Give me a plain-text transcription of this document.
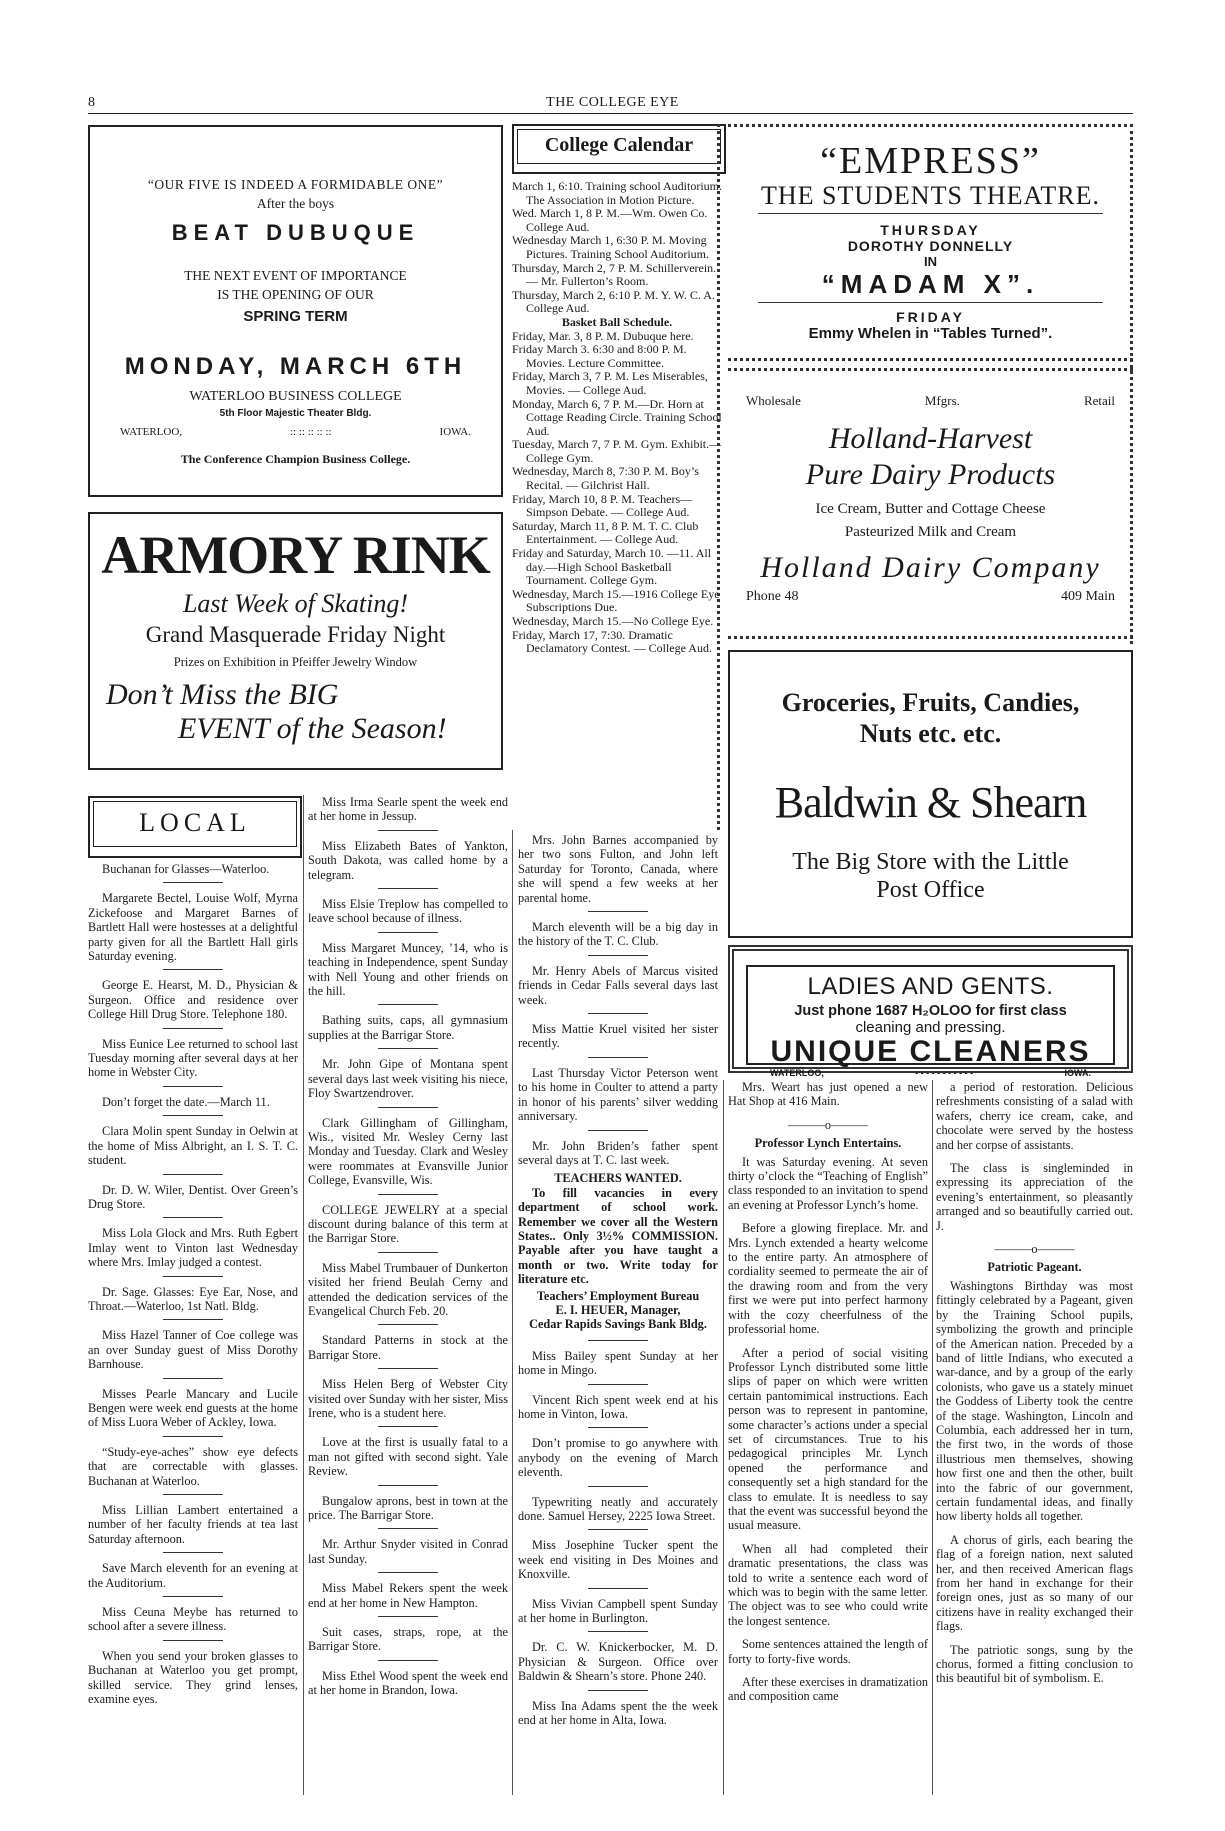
8	THE COLLEGE EYE
“OUR FIVE IS INDEED A FORMIDABLE ONE”
After the boys
BEAT DUBUQUE
THE NEXT EVENT OF IMPORTANCE
IS THE OPENING OF OUR
SPRING TERM
MONDAY, MARCH 6TH
WATERLOO BUSINESS COLLEGE
5th Floor Majestic Theater Bldg.
WATERLOO,	:: :: :: :: ::	IOWA.
The Conference Champion Business College.
ARMORY RINK
Last Week of Skating!
Grand Masquerade Friday Night
Prizes on Exhibition in Pfeiffer Jewelry Window
Don’t Miss the BIG
EVENT of the Season!
College Calendar

March 1, 6:10. Training school Auditorium. The Association in Motion Picture.

Wed. March 1, 8 P. M.—Wm. Owen Co. College Aud.

Wednesday March 1, 6:30 P. M. Moving Pictures. Training School Auditorium.

Thursday, March 2, 7 P. M. Schillerverein. — Mr. Fullerton’s Room.

Thursday, March 2, 6:10 P. M. Y. W. C. A. College Aud.

Basket Ball Schedule.

Friday, Mar. 3, 8 P. M. Dubuque here.

Friday March 3. 6:30 and 8:00 P. M. Movies. Lecture Committee.

Friday, March 3, 7 P. M. Les Miserables, Movies. — College Aud.

Monday, March 6, 7 P. M.—Dr. Horn at Cottage Reading Circle. Training School Aud.

Tuesday, March 7, 7 P. M. Gym. Exhibit.—College Gym.

Wednesday, March 8, 7:30 P. M. Boy’s Recital. — Gilchrist Hall.

Friday, March 10, 8 P. M. Teachers—Simpson Debate. — College Aud.

Saturday, March 11, 8 P. M. T. C. Club Entertainment. — College Aud.

Friday and Saturday, March 10. —11. All day.—High School Basketball Tournament. College Gym.

Wednesday, March 15.—1916 College Eye Subscriptions Due.

Wednesday, March 15.—No College Eye.

Friday, March 17, 7:30. Dramatic Declamatory Contest. — College Aud.

“EMPRESS”
THE STUDENTS THEATRE.
THURSDAY
DOROTHY DONNELLY
IN
“MADAM X”.
FRIDAY
Emmy Whelen in “Tables Turned”.
Wholesale	Mfgrs.	Retail
Holland-Harvest
Pure Dairy Products
Ice Cream, Butter and Cottage Cheese
Pasteurized Milk and Cream
Holland Dairy Company
Phone 48	409 Main
Groceries, Fruits, Candies,
Nuts etc. etc.
Baldwin & Shearn
The Big Store with the Little
Post Office
LADIES AND GENTS.
Just phone 1687 H₂OLOO for first class
cleaning and pressing.
UNIQUE CLEANERS
WATERLOO,	- - - - - - - - - - -	IOWA.
LOCAL

Buchanan for Glasses—Waterloo.

Margarete Bectel, Louise Wolf, Myrna Zickefoose and Margaret Barnes of Bartlett Hall were hostesses at a delightful party given for all the Bartlett Hall girls Saturday evening.

George E. Hearst, M. D., Physician & Surgeon. Office and residence over College Hill Drug Store. Telephone 180.

Miss Eunice Lee returned to school last Tuesday morning after several days at her home in Webster City.

Don’t forget the date.—March 11.

Clara Molin spent Sunday in Oelwin at the home of Miss Albright, an I. S. T. C. student.

Dr. D. W. Wiler, Dentist. Over Green’s Drug Store.

Miss Lola Glock and Mrs. Ruth Egbert Imlay went to Vinton last Wednesday where Mrs. Imlay judged a contest.

Dr. Sage. Glasses: Eye Ear, Nose, and Throat.—Waterloo, 1st Natl. Bldg.

Miss Hazel Tanner of Coe college was an over Sunday guest of Miss Dorothy Barnhouse.

Misses Pearle Mancary and Lucile Bengen were week end guests at the home of Miss Luora Weber of Ackley, Iowa.

“Study-eye-aches” show eye defects that are correctable with glasses. Buchanan at Waterloo.

Miss Lillian Lambert entertained a number of her faculty friends at tea last Saturday afternoon.

Save March eleventh for an evening at the Auditorium.

Miss Ceuna Meybe has returned to school after a severe illness.

When you send your broken glasses to Buchanan at Waterloo you get prompt, skilled service. They grind lenses, examine eyes.

Miss Irma Searle spent the week end at her home in Jessup.

Miss Elizabeth Bates of Yankton, South Dakota, was called home by a telegram.

Miss Elsie Treplow has compelled to leave school because of illness.

Miss Margaret Muncey, ’14, who is teaching in Independence, spent Sunday with Nell Young and other friends on the hill.

Bathing suits, caps, all gymnasium supplies at the Barrigar Store.

Mr. John Gipe of Montana spent several days last week visiting his niece, Floy Swartzendrover.

Clark Gillingham of Gillingham, Wis., visited Mr. Wesley Cerny last Monday and Tuesday. Clark and Wesley were roommates at Evansville Junior College, Evansville, Wis.

COLLEGE JEWELRY at a special discount during balance of this term at the Barrigar Store.

Miss Mabel Trumbauer of Dunkerton visited her friend Beulah Cerny and attended the dedication services of the Evangelical Church Feb. 20.

Standard Patterns in stock at the Barrigar Store.

Miss Helen Berg of Webster City visited over Sunday with her sister, Miss Irene, who is a student here.

Love at the first is usually fatal to a man not gifted with second sight. Yale Review.

Bungalow aprons, best in town at the price. The Barrigar Store.

Mr. Arthur Snyder visited in Conrad last Sunday.

Miss Mabel Rekers spent the week end at her home in New Hampton.

Suit cases, straps, rope, at the Barrigar Store.

Miss Ethel Wood spent the week end at her home in Brandon, Iowa.

Mrs. John Barnes accompanied by her two sons Fulton, and John left Saturday for Toronto, Canada, where she will spend a few weeks at her parental home.

March eleventh will be a big day in the history of the T. C. Club.

Mr. Henry Abels of Marcus visited friends in Cedar Falls several days last week.

Miss Mattie Kruel visited her sister recently.

Last Thursday Victor Peterson went to his home in Coulter to attend a party in honor of his parents’ silver wedding anniversary.

Mr. John Briden’s father spent several days at T. C. last week.

TEACHERS WANTED.

To fill vacancies in every department of school work. Remember we cover all the Western States.. Only 3½% COMMISSION. Payable after you have taught a month or two. Write today for literature etc.

Teachers’ Employment Bureau
E. I. HEUER, Manager,
Cedar Rapids Savings Bank Bldg.

Miss Bailey spent Sunday at her home in Mingo.

Vincent Rich spent week end at his home in Vinton, Iowa.

Don’t promise to go anywhere with anybody on the evening of March eleventh.

Typewriting neatly and accurately done. Samuel Hersey, 2225 Iowa Street.

Miss Josephine Tucker spent the week end visiting in Des Moines and Knoxville.

Miss Vivian Campbell spent Sunday at her home in Burlington.

Dr. C. W. Knickerbocker, M. D. Physician & Surgeon. Office over Baldwin & Shearn’s store. Phone 240.

Miss Ina Adams spent the the week end at her home in Alta, Iowa.

Mrs. Weart has just opened a new Hat Shop at 416 Main.

———o———
Professor Lynch Entertains.

It was Saturday evening. At seven thirty o’clock the “Teaching of English” class responded to an invitation to spend an evening at Professor Lynch’s home.

Before a glowing fireplace. Mr. and Mrs. Lynch extended a hearty welcome to the entire party. An atmosphere of cordiality seemed to permeate the air of the drawing room and from the very first we were put into perfect harmony with the cozy cheerfulness of the professorial home.

After a period of social visiting Professor Lynch distributed some little slips of paper on which were written certain pantomimical instructions. Each person was to represent in pantomine, some character’s actions under a special set of circumstances. True to his pedagogical principles Mr. Lynch opened the performance and consequently set a high standard for the class to emulate. It is needless to say that the event was successful beyond the usual measure.

When all had completed their dramatic presentations, the class was told to write a sentence each word of which was to begin with the same letter. The object was to see who could write the longest sentence.

Some sentences attained the length of forty to forty-five words.

After these exercises in dramatization and composition came

a period of restoration. Delicious refreshments consisting of a salad with wafers, cherry ice cream, cake, and chocolate were served by the hostess and her corpse of assistants.

The class is singleminded in expressing its appreciation of the evening’s entertainment, so pleasantly arranged and so beautifully carried out. J.

———o———
Patriotic Pageant.

Washingtons Birthday was most fittingly celebrated by a Pageant, given by the Training School pupils, symbolizing the growth and principle of the American nation. Preceded by a band of little Indians, who executed a war-dance, and by a group of the early colonists, who gave us a stately minuet the Goddess of Liberty took the centre of the stage. Washington, Lincoln and Columbia, each addressed her in turn, the first two, in the words of those illustrious men themselves, showing how first one and then the other, built into the fabric of our government, certain fundamental ideas, and finally how liberty holds all together.

A chorus of girls, each bearing the flag of a foreign nation, next saluted her, and then received American flags from her hand in exchange for their foreign ones, just as so many of our citizens have in reality exchanged their flags.

The patriotic songs, sung by the chorus, formed a fitting conclusion to this beautiful bit of symbolism. E.
